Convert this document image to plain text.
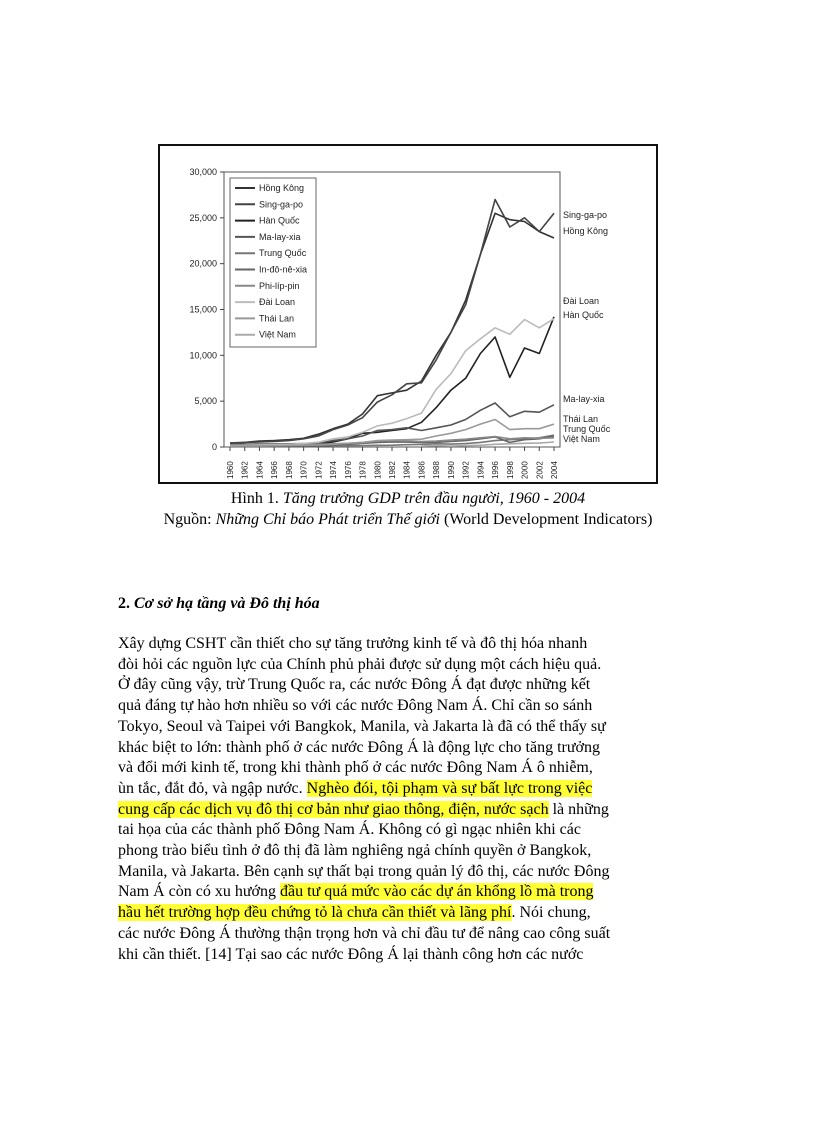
30,000
25,000
20,000
15,000
10,000
5,000
0
1960 1962 1964 1966 1968 1970 1972 1974 1976 1978 1980 1982 1984 1986 1988 1990 1992 1994 1996 1998 2000 2002 2004
Hồng Kông
Sing-ga-po
Hàn Quốc
Ma-lay-xia
Trung Quốc
In-đô-nê-xia
Phi-líp-pin
Đài Loan
Thái Lan
Việt Nam
Sing-ga-po
Hồng Kông
Đài Loan
Hàn Quốc
Ma-lay-xia
Thái Lan
Trung Quốc
Việt Nam
Hình 1. Tăng trưởng GDP trên đầu người, 1960 - 2004
Nguồn: Những Chỉ báo Phát triển Thế giới (World Development Indicators)
2. Cơ sở hạ tầng và Đô thị hóa
Xây dựng CSHT cần thiết cho sự tăng trưởng kinh tế và đô thị hóa nhanh
đòi hỏi các nguồn lực của Chính phủ phải được sử dụng một cách hiệu quả.
Ở đây cũng vậy, trừ Trung Quốc ra, các nước Đông Á đạt được những kết
quả đáng tự hào hơn nhiều so với các nước Đông Nam Á. Chỉ cần so sánh
Tokyo, Seoul và Taipei với Bangkok, Manila, và Jakarta là đã có thể thấy sự
khác biệt to lớn: thành phố ở các nước Đông Á là động lực cho tăng trưởng
và đổi mới kinh tế, trong khi thành phố ở các nước Đông Nam Á ô nhiễm,
ùn tắc, đắt đỏ, và ngập nước. Nghèo đói, tội phạm và sự bất lực trong việc
cung cấp các dịch vụ đô thị cơ bản như giao thông, điện, nước sạch là những
tai họa của các thành phố Đông Nam Á. Không có gì ngạc nhiên khi các
phong trào biểu tình ở đô thị đã làm nghiêng ngả chính quyền ở Bangkok,
Manila, và Jakarta. Bên cạnh sự thất bại trong quản lý đô thị, các nước Đông
Nam Á còn có xu hướng đầu tư quá mức vào các dự án khổng lồ mà trong
hầu hết trường hợp đều chứng tỏ là chưa cần thiết và lãng phí. Nói chung,
các nước Đông Á thường thận trọng hơn và chỉ đầu tư để nâng cao công suất
khi cần thiết. [14] Tại sao các nước Đông Á lại thành công hơn các nước
